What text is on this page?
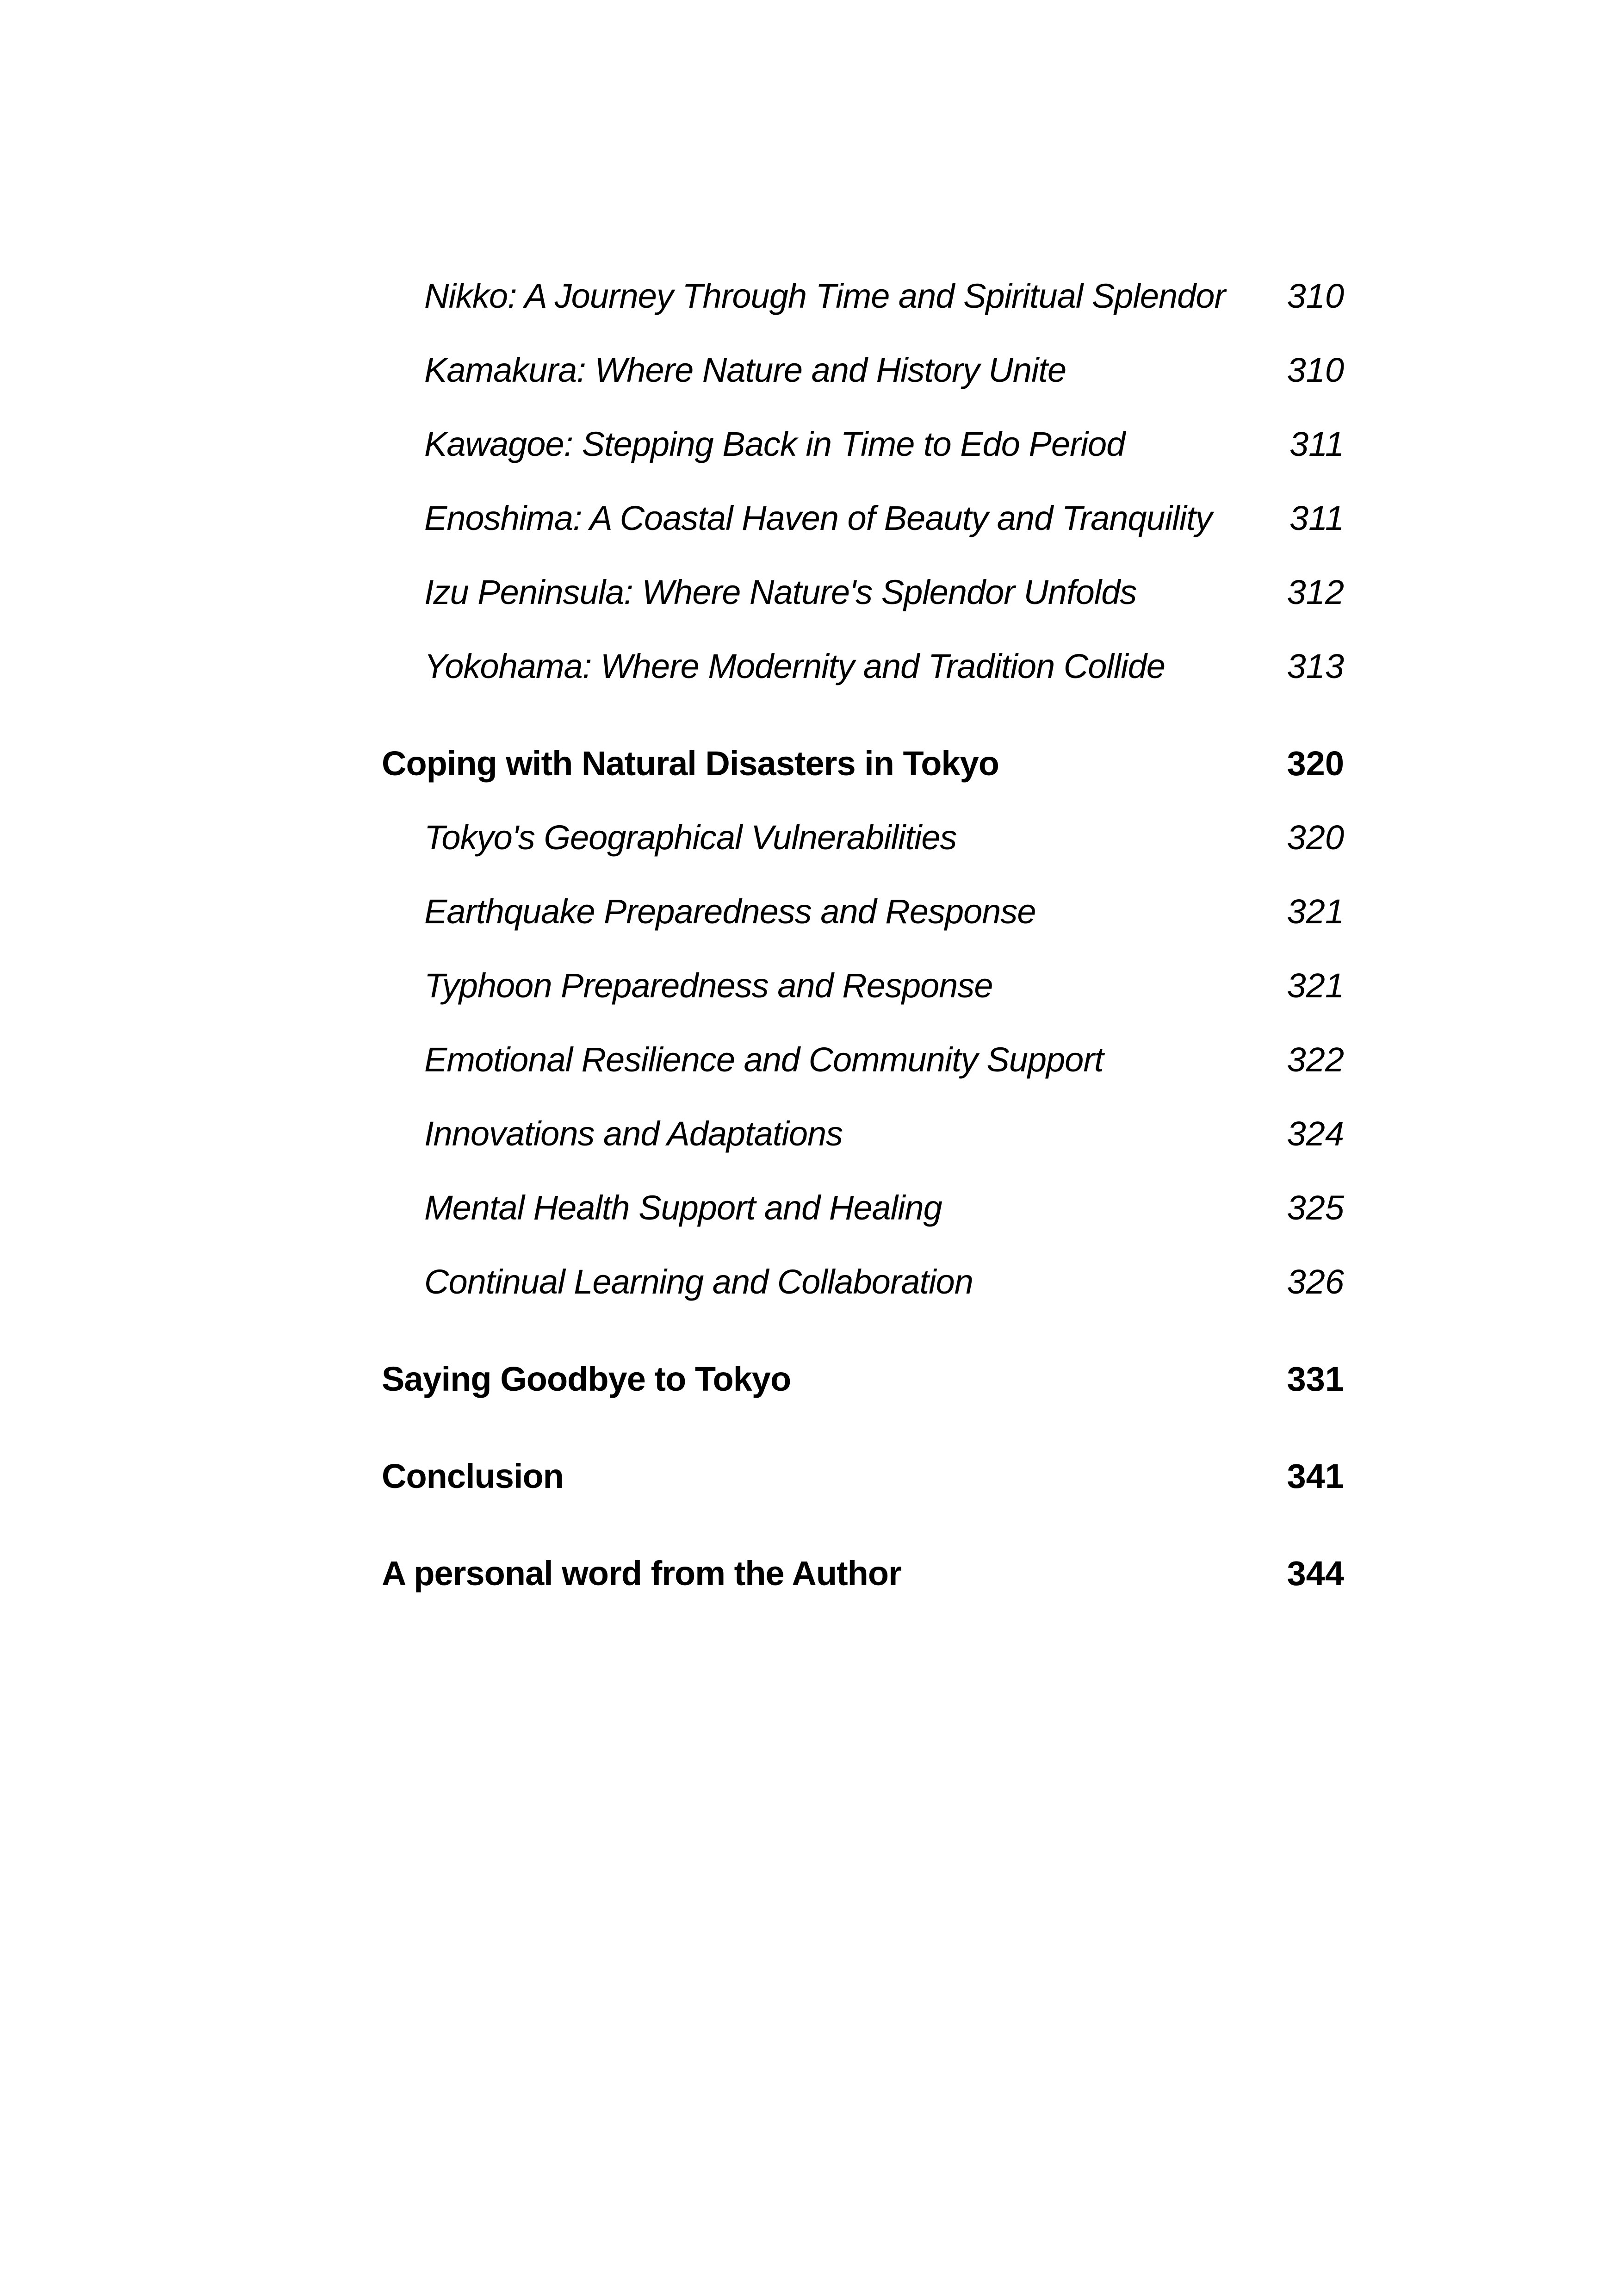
Nikko: A Journey Through Time and Spiritual Splendor 310
Kamakura: Where Nature and History Unite	310
Kawagoe: Stepping Back in Time to Edo Period	311
Enoshima: A Coastal Haven of Beauty and Tranquility 311
Izu Peninsula: Where Nature's Splendor Unfolds	312
Yokohama: Where Modernity and Tradition Collide	313
Coping with Natural Disasters in Tokyo	320
Tokyo's Geographical Vulnerabilities	320
Earthquake Preparedness and Response	321
Typhoon Preparedness and Response	321
Emotional Resilience and Community Support	322
Innovations and Adaptations	324
Mental Health Support and Healing	325
Continual Learning and Collaboration	326
Saying Goodbye to Tokyo	331
Conclusion	341
A personal word from the Author	344
